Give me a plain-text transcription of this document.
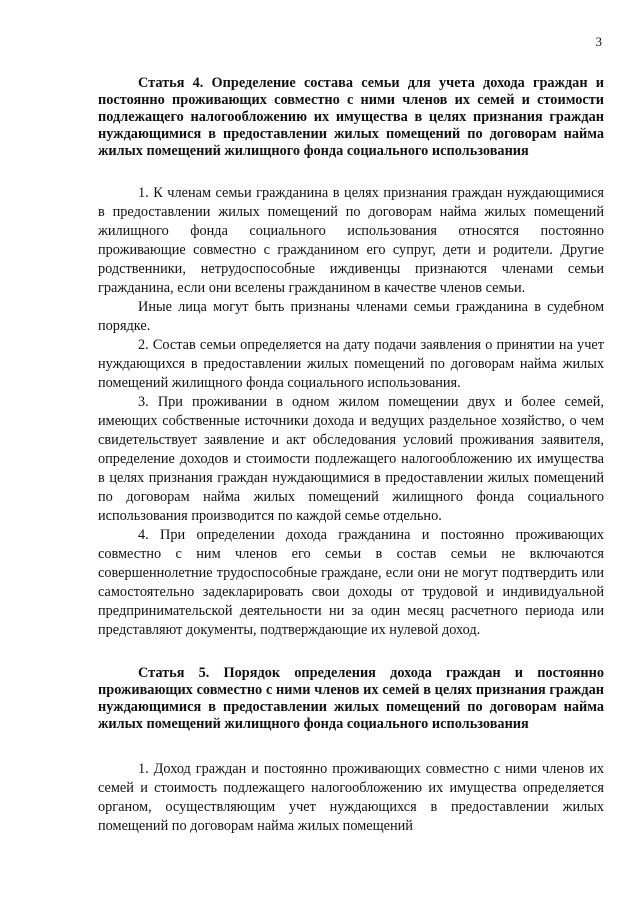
3

Статья 4. Определение состава семьи для учета дохода граждан и постоянно проживающих совместно с ними членов их семей и стоимости подлежащего налогообложению их имущества в целях признания граждан нуждающимися в предоставлении жилых помещений по договорам найма жилых помещений жилищного фонда социального использования

1. К членам семьи гражданина в целях признания граждан нуждающимися в предоставлении жилых помещений по договорам найма жилых помещений жилищного фонда социального использования относятся постоянно проживающие совместно с гражданином его супруг, дети и родители. Другие родственники, нетрудоспособные иждивенцы признаются членами семьи гражданина, если они вселены гражданином в качестве членов семьи.

Иные лица могут быть признаны членами семьи гражданина в судебном порядке.

2. Состав семьи определяется на дату подачи заявления о принятии на учет нуждающихся в предоставлении жилых помещений по договорам найма жилых помещений жилищного фонда социального использования.

3. При проживании в одном жилом помещении двух и более семей, имеющих собственные источники дохода и ведущих раздельное хозяйство, о чем свидетельствует заявление и акт обследования условий проживания заявителя, определение доходов и стоимости подлежащего налогообложению их имущества в целях признания граждан нуждающимися в предоставлении жилых помещений по договорам найма жилых помещений жилищного фонда социального использования производится по каждой семье отдельно.

4. При определении дохода гражданина и постоянно проживающих совместно с ним членов его семьи в состав семьи не включаются совершеннолетние трудоспособные граждане, если они не могут подтвердить или самостоятельно задекларировать свои доходы от трудовой и индивидуальной предпринимательской деятельности ни за один месяц расчетного периода или представляют документы, подтверждающие их нулевой доход.

Статья 5. Порядок определения дохода граждан и постоянно проживающих совместно с ними членов их семей в целях признания граждан нуждающимися в предоставлении жилых помещений по договорам найма жилых помещений жилищного фонда социального использования

1. Доход граждан и постоянно проживающих совместно с ними членов их семей и стоимость подлежащего налогообложению их имущества определяется органом, осуществляющим учет нуждающихся в предоставлении жилых помещений по договорам найма жилых помещений
